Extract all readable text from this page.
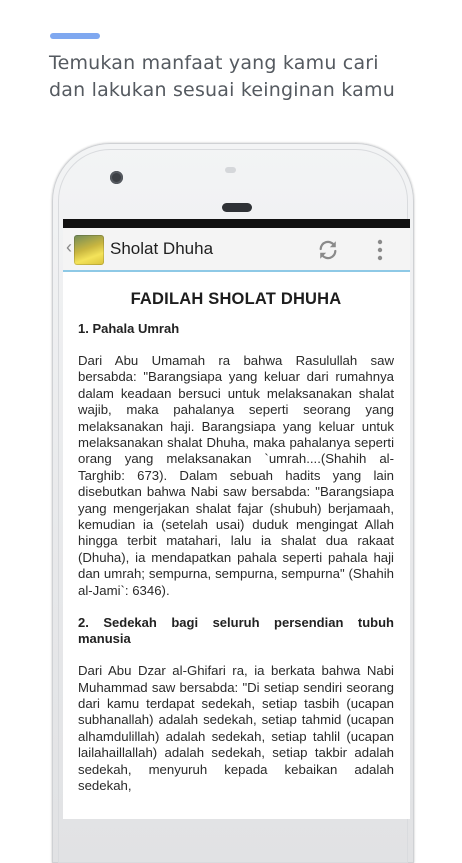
Temukan manfaat yang kamu cari
dan lakukan sesuai keinginan kamu
‹ Sholat Dhuha
FADILAH SHOLAT DHUHA
1. Pahala Umrah
Dari Abu Umamah ra bahwa Rasulullah saw bersabda: "Barangsiapa yang keluar dari rumahnya dalam keadaan bersuci untuk melaksanakan shalat wajib, maka pahalanya seperti seorang yang melaksanakan haji. Barangsiapa yang keluar untuk melaksanakan shalat Dhuha, maka pahalanya seperti orang yang melaksanakan `umrah....(Shahih al-Targhib: 673). Dalam sebuah hadits yang lain disebutkan bahwa Nabi saw bersabda: "Barangsiapa yang mengerjakan shalat fajar (shubuh) berjamaah, kemudian ia (setelah usai) duduk mengingat Allah hingga terbit matahari, lalu ia shalat dua rakaat (Dhuha), ia mendapatkan pahala seperti pahala haji dan umrah; sempurna, sempurna, sempurna" (Shahih al-Jami`: 6346).
2. Sedekah bagi seluruh persendian tubuh manusia
Dari Abu Dzar al-Ghifari ra, ia berkata bahwa Nabi Muhammad saw bersabda: "Di setiap sendiri seorang dari kamu terdapat sedekah, setiap tasbih (ucapan subhanallah) adalah sedekah, setiap tahmid (ucapan alhamdulillah) adalah sedekah, setiap tahlil (ucapan lailahaillallah) adalah sedekah, setiap takbir adalah sedekah, menyuruh kepada kebaikan adalah sedekah,
